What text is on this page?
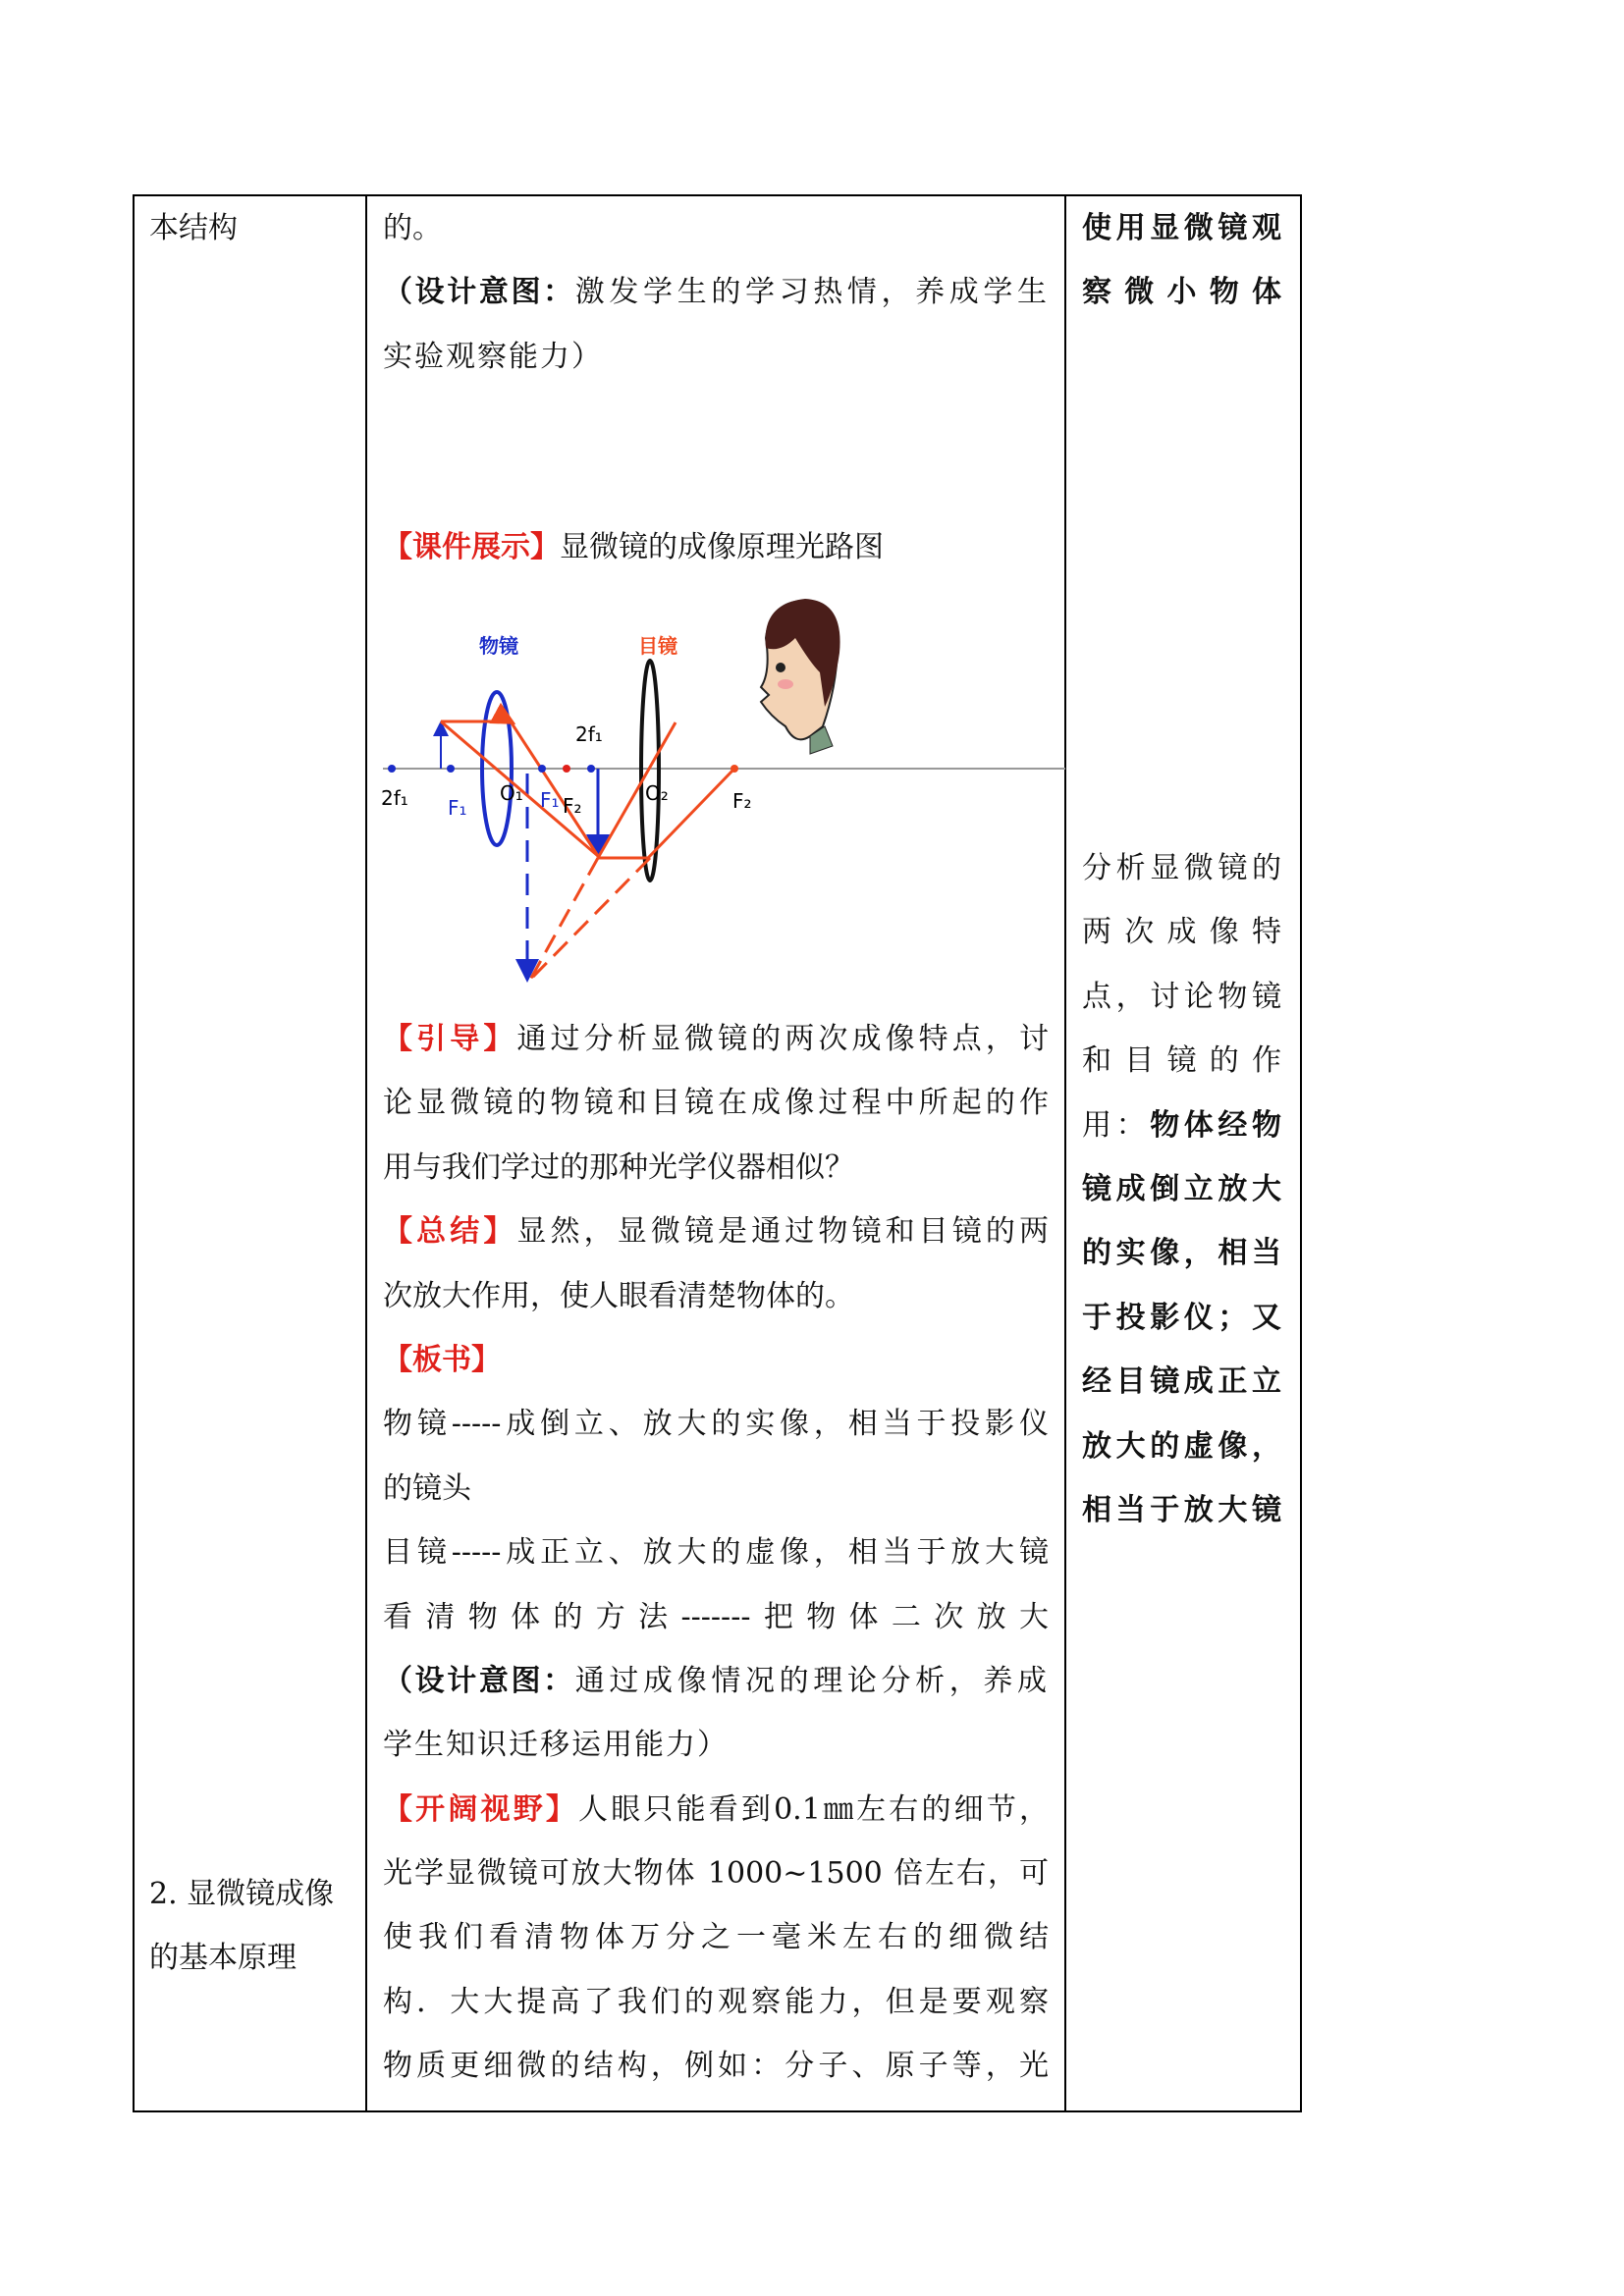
本结构
2. 显微镜成像
的基本原理
的。
（设计意图：激发学生的学习热情，养成学生
实验观察能力）
【课件展示】显微镜的成像原理光路图
物镜	目镜
2f₁ F₁
O₁ F₁ F₂
2f₁
O₂	F₂
【引导】通过分析显微镜的两次成像特点，讨
论显微镜的物镜和目镜在成像过程中所起的作
用与我们学过的那种光学仪器相似？
【总结】显然，显微镜是通过物镜和目镜的两
次放大作用，使人眼看清楚物体的。
【板书】
物镜-----成倒立、放大的实像，相当于投影仪
的镜头
目镜-----成正立、放大的虚像，相当于放大镜
看清物体的方法-------把物体二次放大
（设计意图：通过成像情况的理论分析，养成
学生知识迁移运用能力）
【开阔视野】人眼只能看到0.1㎜左右的细节，
光学显微镜可放大物体 1000~1500 倍左右，可
使我们看清物体万分之一毫米左右的细微结
构．大大提高了我们的观察能力，但是要观察
物质更细微的结构，例如：分子、原子等，光
使用显微镜观
察微小物体
分析显微镜的
两次成像特
点，讨论物镜
和目镜的作
用：物体经物
镜成倒立放大
的实像，相当
于投影仪；又
经目镜成正立
放大的虚像，
相当于放大镜
